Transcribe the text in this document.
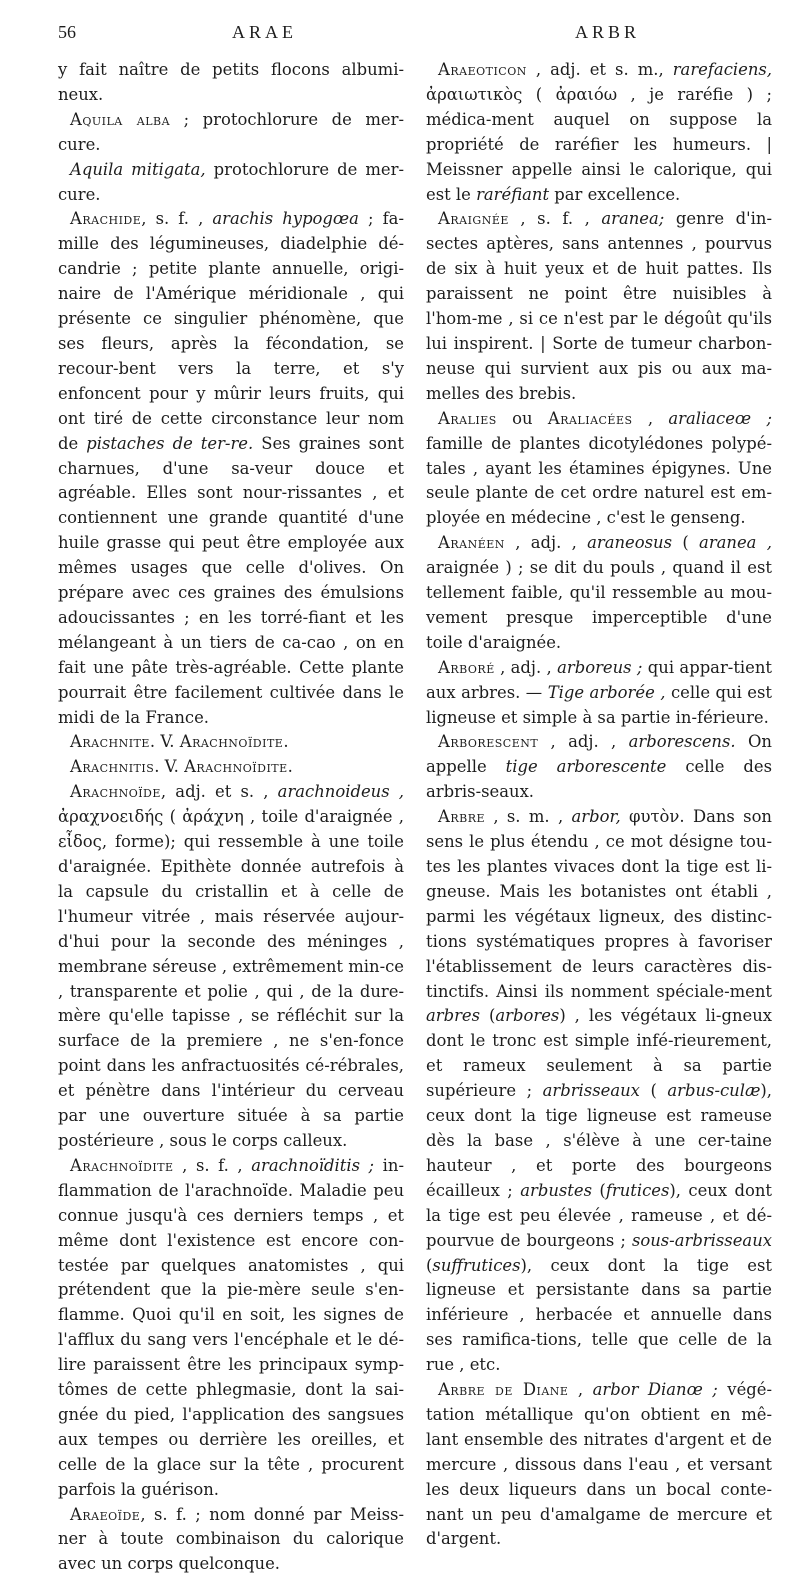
56	ARAE	ARBR

y fait naître de petits flocons albumi-neux.

Aquila alba ; protochlorure de mer-cure.

Aquila mitigata, protochlorure de mer-cure.

Arachide, s. f. , arachis hypogœa ; fa-mille des légumineuses, diadelphie dé-candrie ; petite plante annuelle, origi-naire de l'Amérique méridionale , qui présente ce singulier phénomène, que ses fleurs, après la fécondation, se recour-bent vers la terre, et s'y enfoncent pour y mûrir leurs fruits, qui ont tiré de cette circonstance leur nom de pistaches de ter-re. Ses graines sont charnues, d'une sa-veur douce et agréable. Elles sont nour-rissantes , et contiennent une grande quantité d'une huile grasse qui peut être employée aux mêmes usages que celle d'olives. On prépare avec ces graines des émulsions adoucissantes ; en les torré-fiant et les mélangeant à un tiers de ca-cao , on en fait une pâte très-agréable. Cette plante pourrait être facilement cultivée dans le midi de la France.

Arachnite. V. Arachnoïdite.

Arachnitis. V. Arachnoïdite.

Arachnoïde, adj. et s. , arachnoideus , ἀραχνοειδής ( ἀράχνη , toile d'araignée , εἶδος, forme); qui ressemble à une toile d'araignée. Epithète donnée autrefois à la capsule du cristallin et à celle de l'humeur vitrée , mais réservée aujour-d'hui pour la seconde des méninges , membrane séreuse , extrêmement min-ce , transparente et polie , qui , de la dure-mère qu'elle tapisse , se réfléchit sur la surface de la premiere , ne s'en-fonce point dans les anfractuosités cé-rébrales, et pénètre dans l'intérieur du cerveau par une ouverture située à sa partie postérieure , sous le corps calleux.

Arachnoïdite , s. f. , arachnoïditis ; in-flammation de l'arachnoïde. Maladie peu connue jusqu'à ces derniers temps , et même dont l'existence est encore con-testée par quelques anatomistes , qui prétendent que la pie-mère seule s'en-flamme. Quoi qu'il en soit, les signes de l'afflux du sang vers l'encéphale et le dé-lire paraissent être les principaux symp-tômes de cette phlegmasie, dont la sai-gnée du pied, l'application des sangsues aux tempes ou derrière les oreilles, et celle de la glace sur la tête , procurent parfois la guérison.

Araeoïde, s. f. ; nom donné par Meiss-ner à toute combinaison du calorique avec un corps quelconque.

Araeoticon , adj. et s. m., rarefaciens, ἀραιωτικὸς ( ἀραιόω , je raréfie ) ; médica-ment auquel on suppose la propriété de raréfier les humeurs. | Meissner appelle ainsi le calorique, qui est le raréfiant par excellence.

Araignée , s. f. , aranea; genre d'in-sectes aptères, sans antennes , pourvus de six à huit yeux et de huit pattes. Ils paraissent ne point être nuisibles à l'hom-me , si ce n'est par le dégoût qu'ils lui inspirent. | Sorte de tumeur charbon-neuse qui survient aux pis ou aux ma-melles des brebis.

Aralies ou Araliacées , araliaceœ ; famille de plantes dicotylédones polypé-tales , ayant les étamines épigynes. Une seule plante de cet ordre naturel est em-ployée en médecine , c'est le genseng.

Aranéen , adj. , araneosus ( aranea , araignée ) ; se dit du pouls , quand il est tellement faible, qu'il ressemble au mou-vement presque imperceptible d'une toile d'araignée.

Arboré , adj. , arboreus ; qui appar-tient aux arbres. — Tige arborée , celle qui est ligneuse et simple à sa partie in-férieure.

Arborescent , adj. , arborescens. On appelle tige arborescente celle des arbris-seaux.

Arbre , s. m. , arbor, φυτὸν. Dans son sens le plus étendu , ce mot désigne tou-tes les plantes vivaces dont la tige est li-gneuse. Mais les botanistes ont établi , parmi les végétaux ligneux, des distinc-tions systématiques propres à favoriser l'établissement de leurs caractères dis-tinctifs. Ainsi ils nomment spéciale-ment arbres (arbores) , les végétaux li-gneux dont le tronc est simple infé-rieurement, et rameux seulement à sa partie supérieure ; arbrisseaux ( arbus-culæ), ceux dont la tige ligneuse est rameuse dès la base , s'élève à une cer-taine hauteur , et porte des bourgeons écailleux ; arbustes (frutices), ceux dont la tige est peu élevée , rameuse , et dé-pourvue de bourgeons ; sous-arbrisseaux (suffrutices), ceux dont la tige est ligneuse et persistante dans sa partie inférieure , herbacée et annuelle dans ses ramifica-tions, telle que celle de la rue , etc.

Arbre de Diane , arbor Dianœ ; végé-tation métallique qu'on obtient en mê-lant ensemble des nitrates d'argent et de mercure , dissous dans l'eau , et versant les deux liqueurs dans un bocal conte-nant un peu d'amalgame de mercure et d'argent.
